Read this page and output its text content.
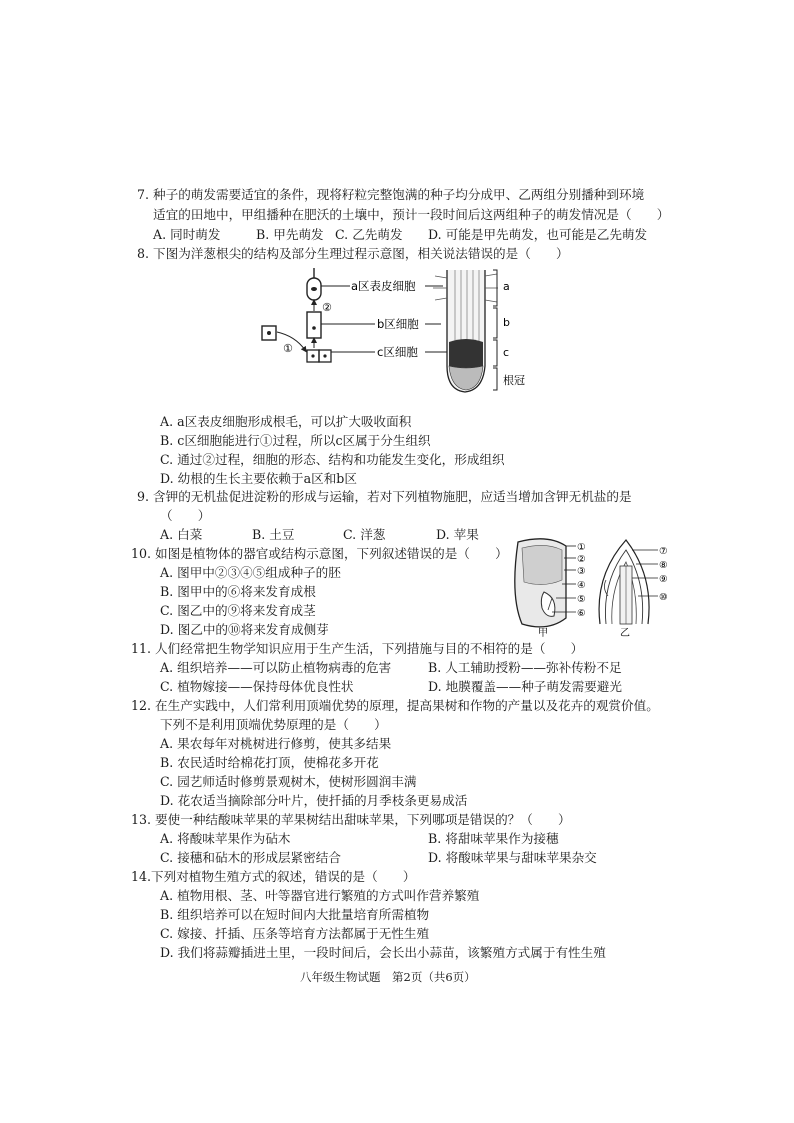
7. 种子的萌发需要适宜的条件，现将籽粒完整饱满的种子均分成甲、乙两组分别播种到环境
适宜的田地中，甲组播种在肥沃的土壤中，预计一段时间后这两组种子的萌发情况是（　　）
A. 同时萌发	B. 甲先萌发 C. 乙先萌发 D. 可能是甲先萌发，也可能是乙先萌发
8. 下图为洋葱根尖的结构及部分生理过程示意图，相关说法错误的是（　　）
①
②
a区表皮细胞
b区细胞
c区细胞
a
b
c
根冠
A. a区表皮细胞形成根毛，可以扩大吸收面积
B. c区细胞能进行①过程，所以c区属于分生组织
C. 通过②过程，细胞的形态、结构和功能发生变化，形成组织
D. 幼根的生长主要依赖于a区和b区
9. 含钾的无机盐促进淀粉的形成与运输，若对下列植物施肥，应适当增加含钾无机盐的是
（　　）
A. 白菜	B. 土豆	C. 洋葱	D. 苹果
10. 如图是植物体的器官或结构示意图，下列叙述错误的是（　　）
A. 图甲中②③④⑤组成种子的胚
B. 图甲中的⑥将来发育成根
C. 图乙中的⑨将来发育成茎
D. 图乙中的⑩将来发育成侧芽
①
②
③
④
⑤
⑥
甲
⑦
⑧
⑨
⑩
乙
11. 人们经常把生物学知识应用于生产生活，下列措施与目的不相符的是（　　）
A. 组织培养——可以防止植物病毒的危害	B. 人工辅助授粉——弥补传粉不足
C. 植物嫁接——保持母体优良性状	D. 地膜覆盖——种子萌发需要避光
12. 在生产实践中，人们常利用顶端优势的原理，提高果树和作物的产量以及花卉的观赏价值。
下列不是利用顶端优势原理的是（　　）
A. 果农每年对桃树进行修剪，使其多结果
B. 农民适时给棉花打顶，使棉花多开花
C. 园艺师适时修剪景观树木，使树形圆润丰满
D. 花农适当摘除部分叶片，使扦插的月季枝条更易成活
13. 要使一种结酸味苹果的苹果树结出甜味苹果，下列哪项是错误的？（　　）
A. 将酸味苹果作为砧木	B. 将甜味苹果作为接穗
C. 接穗和砧木的形成层紧密结合	D. 将酸味苹果与甜味苹果杂交
14.下列对植物生殖方式的叙述，错误的是（　　）
A. 植物用根、茎、叶等器官进行繁殖的方式叫作营养繁殖
B. 组织培养可以在短时间内大批量培育所需植物
C. 嫁接、扦插、压条等培育方法都属于无性生殖
D. 我们将蒜瓣插进土里，一段时间后，会长出小蒜苗，该繁殖方式属于有性生殖
八年级生物试题　第2页（共6页）
